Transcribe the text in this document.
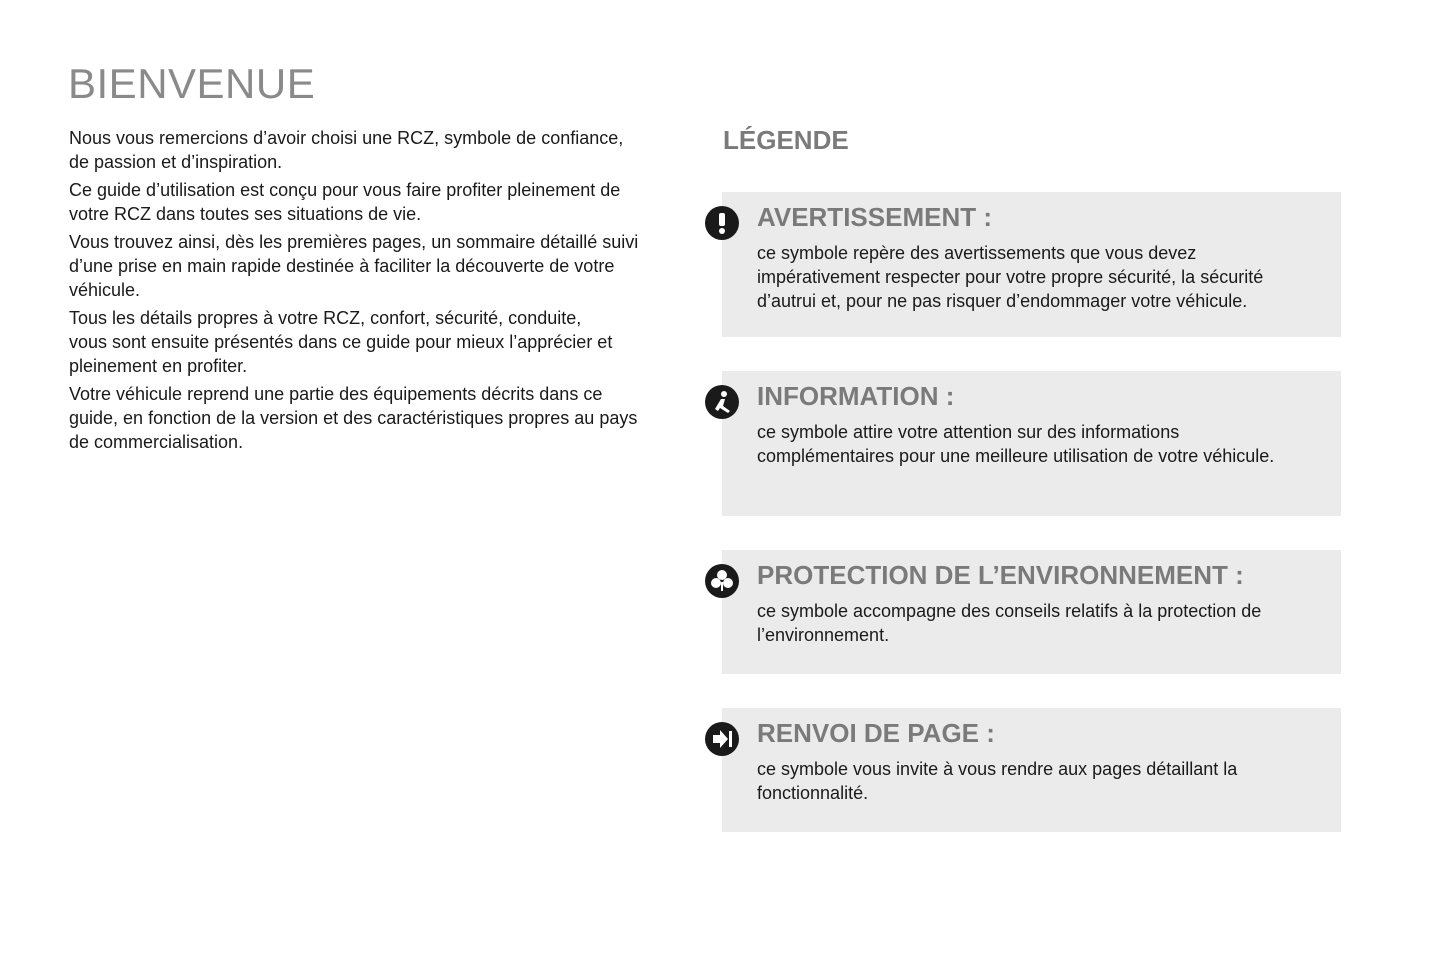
BIENVENUE

Nous vous remercions d’avoir choisi une RCZ, symbole de confiance,
de passion et d’inspiration.

Ce guide d’utilisation est conçu pour vous faire profiter pleinement de
votre RCZ dans toutes ses situations de vie.

Vous trouvez ainsi, dès les premières pages, un sommaire détaillé suivi
d’une prise en main rapide destinée à faciliter la découverte de votre
véhicule.

Tous les détails propres à votre RCZ, confort, sécurité, conduite,
vous sont ensuite présentés dans ce guide pour mieux l’apprécier et
pleinement en profiter.

Votre véhicule reprend une partie des équipements décrits dans ce
guide, en fonction de la version et des caractéristiques propres au pays
de commercialisation.

LÉGENDE
AVERTISSEMENT :
ce symbole repère des avertissements que vous devez
impérativement respecter pour votre propre sécurité, la sécurité
d’autrui et, pour ne pas risquer d’endommager votre véhicule.
INFORMATION :
ce symbole attire votre attention sur des informations
complémentaires pour une meilleure utilisation de votre véhicule.
PROTECTION DE L’ENVIRONNEMENT :
ce symbole accompagne des conseils relatifs à la protection de
l’environnement.
RENVOI DE PAGE :
ce symbole vous invite à vous rendre aux pages détaillant la
fonctionnalité.
